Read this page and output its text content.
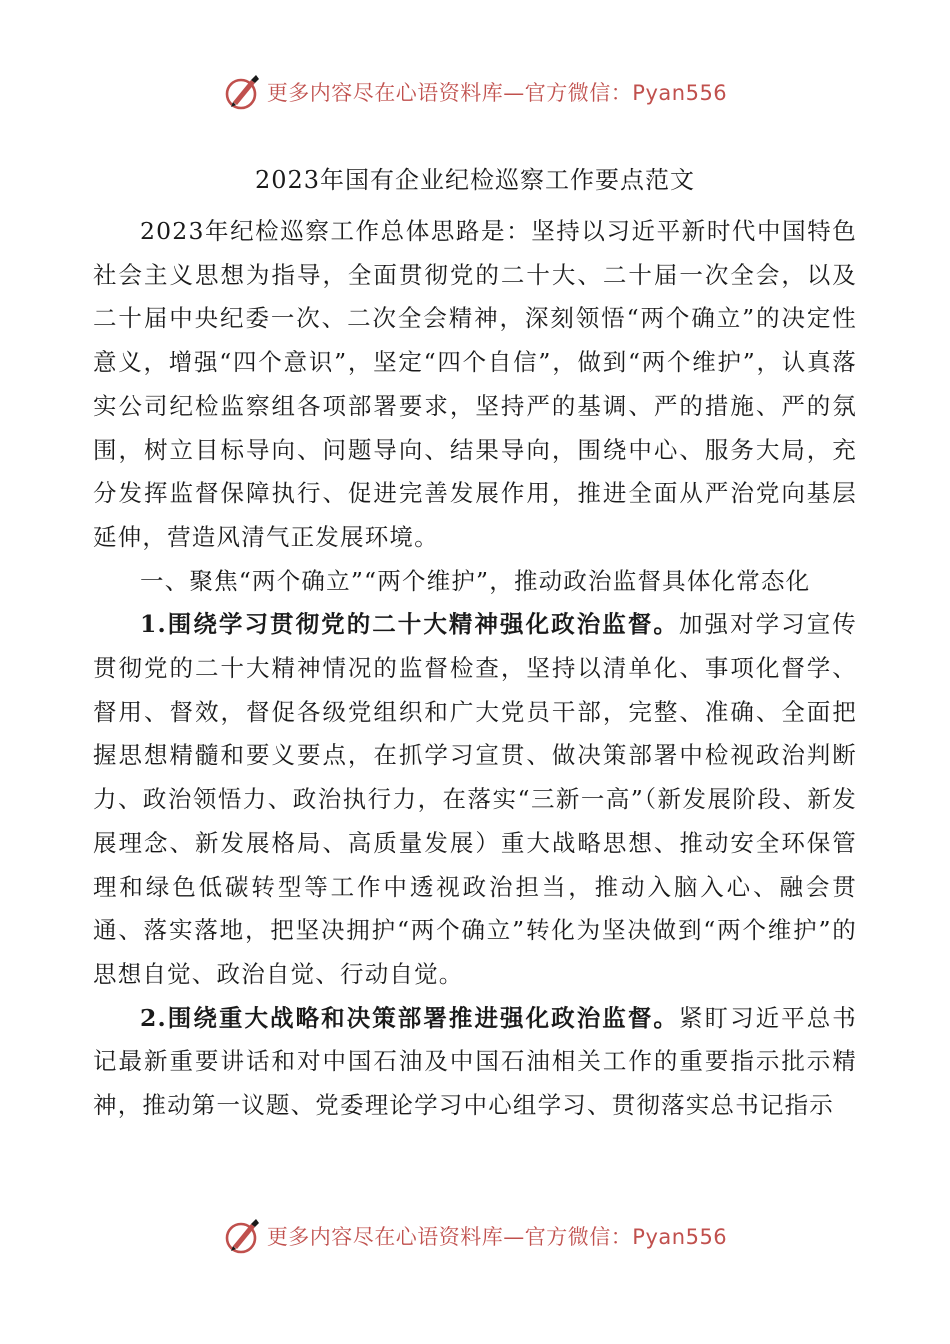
更多内容尽在心语资料库—官方微信：Pyan556
2023年国有企业纪检巡察工作要点范文

2023年纪检巡察工作总体思路是：坚持以习近平新时代中国特色社会主义思想为指导，全面贯彻党的二十大、二十届一次全会，以及二十届中央纪委一次、二次全会精神，深刻领悟“两个确立”的决定性意义，增强“四个意识”，坚定“四个自信”，做到“两个维护”，认真落实公司纪检监察组各项部署要求，坚持严的基调、严的措施、严的氛围，树立目标导向、问题导向、结果导向，围绕中心、服务大局，充分发挥监督保障执行、促进完善发展作用，推进全面从严治党向基层延伸，营造风清气正发展环境。

一、聚焦“两个确立”“两个维护”，推动政治监督具体化常态化

1.围绕学习贯彻党的二十大精神强化政治监督。加强对学习宣传贯彻党的二十大精神情况的监督检查，坚持以清单化、事项化督学、督用、督效，督促各级党组织和广大党员干部，完整、准确、全面把握思想精髓和要义要点，在抓学习宣贯、做决策部署中检视政治判断力、政治领悟力、政治执行力，在落实“三新一高”（新发展阶段、新发展理念、新发展格局、高质量发展）重大战略思想、推动安全环保管理和绿色低碳转型等工作中透视政治担当，推动入脑入心、融会贯通、落实落地，把坚决拥护“两个确立”转化为坚决做到“两个维护”的思想自觉、政治自觉、行动自觉。

2.围绕重大战略和决策部署推进强化政治监督。紧盯习近平总书记最新重要讲话和对中国石油及中国石油相关工作的重要指示批示精神，推动第一议题、党委理论学习中心组学习、贯彻落实总书记指示

更多内容尽在心语资料库—官方微信：Pyan556
